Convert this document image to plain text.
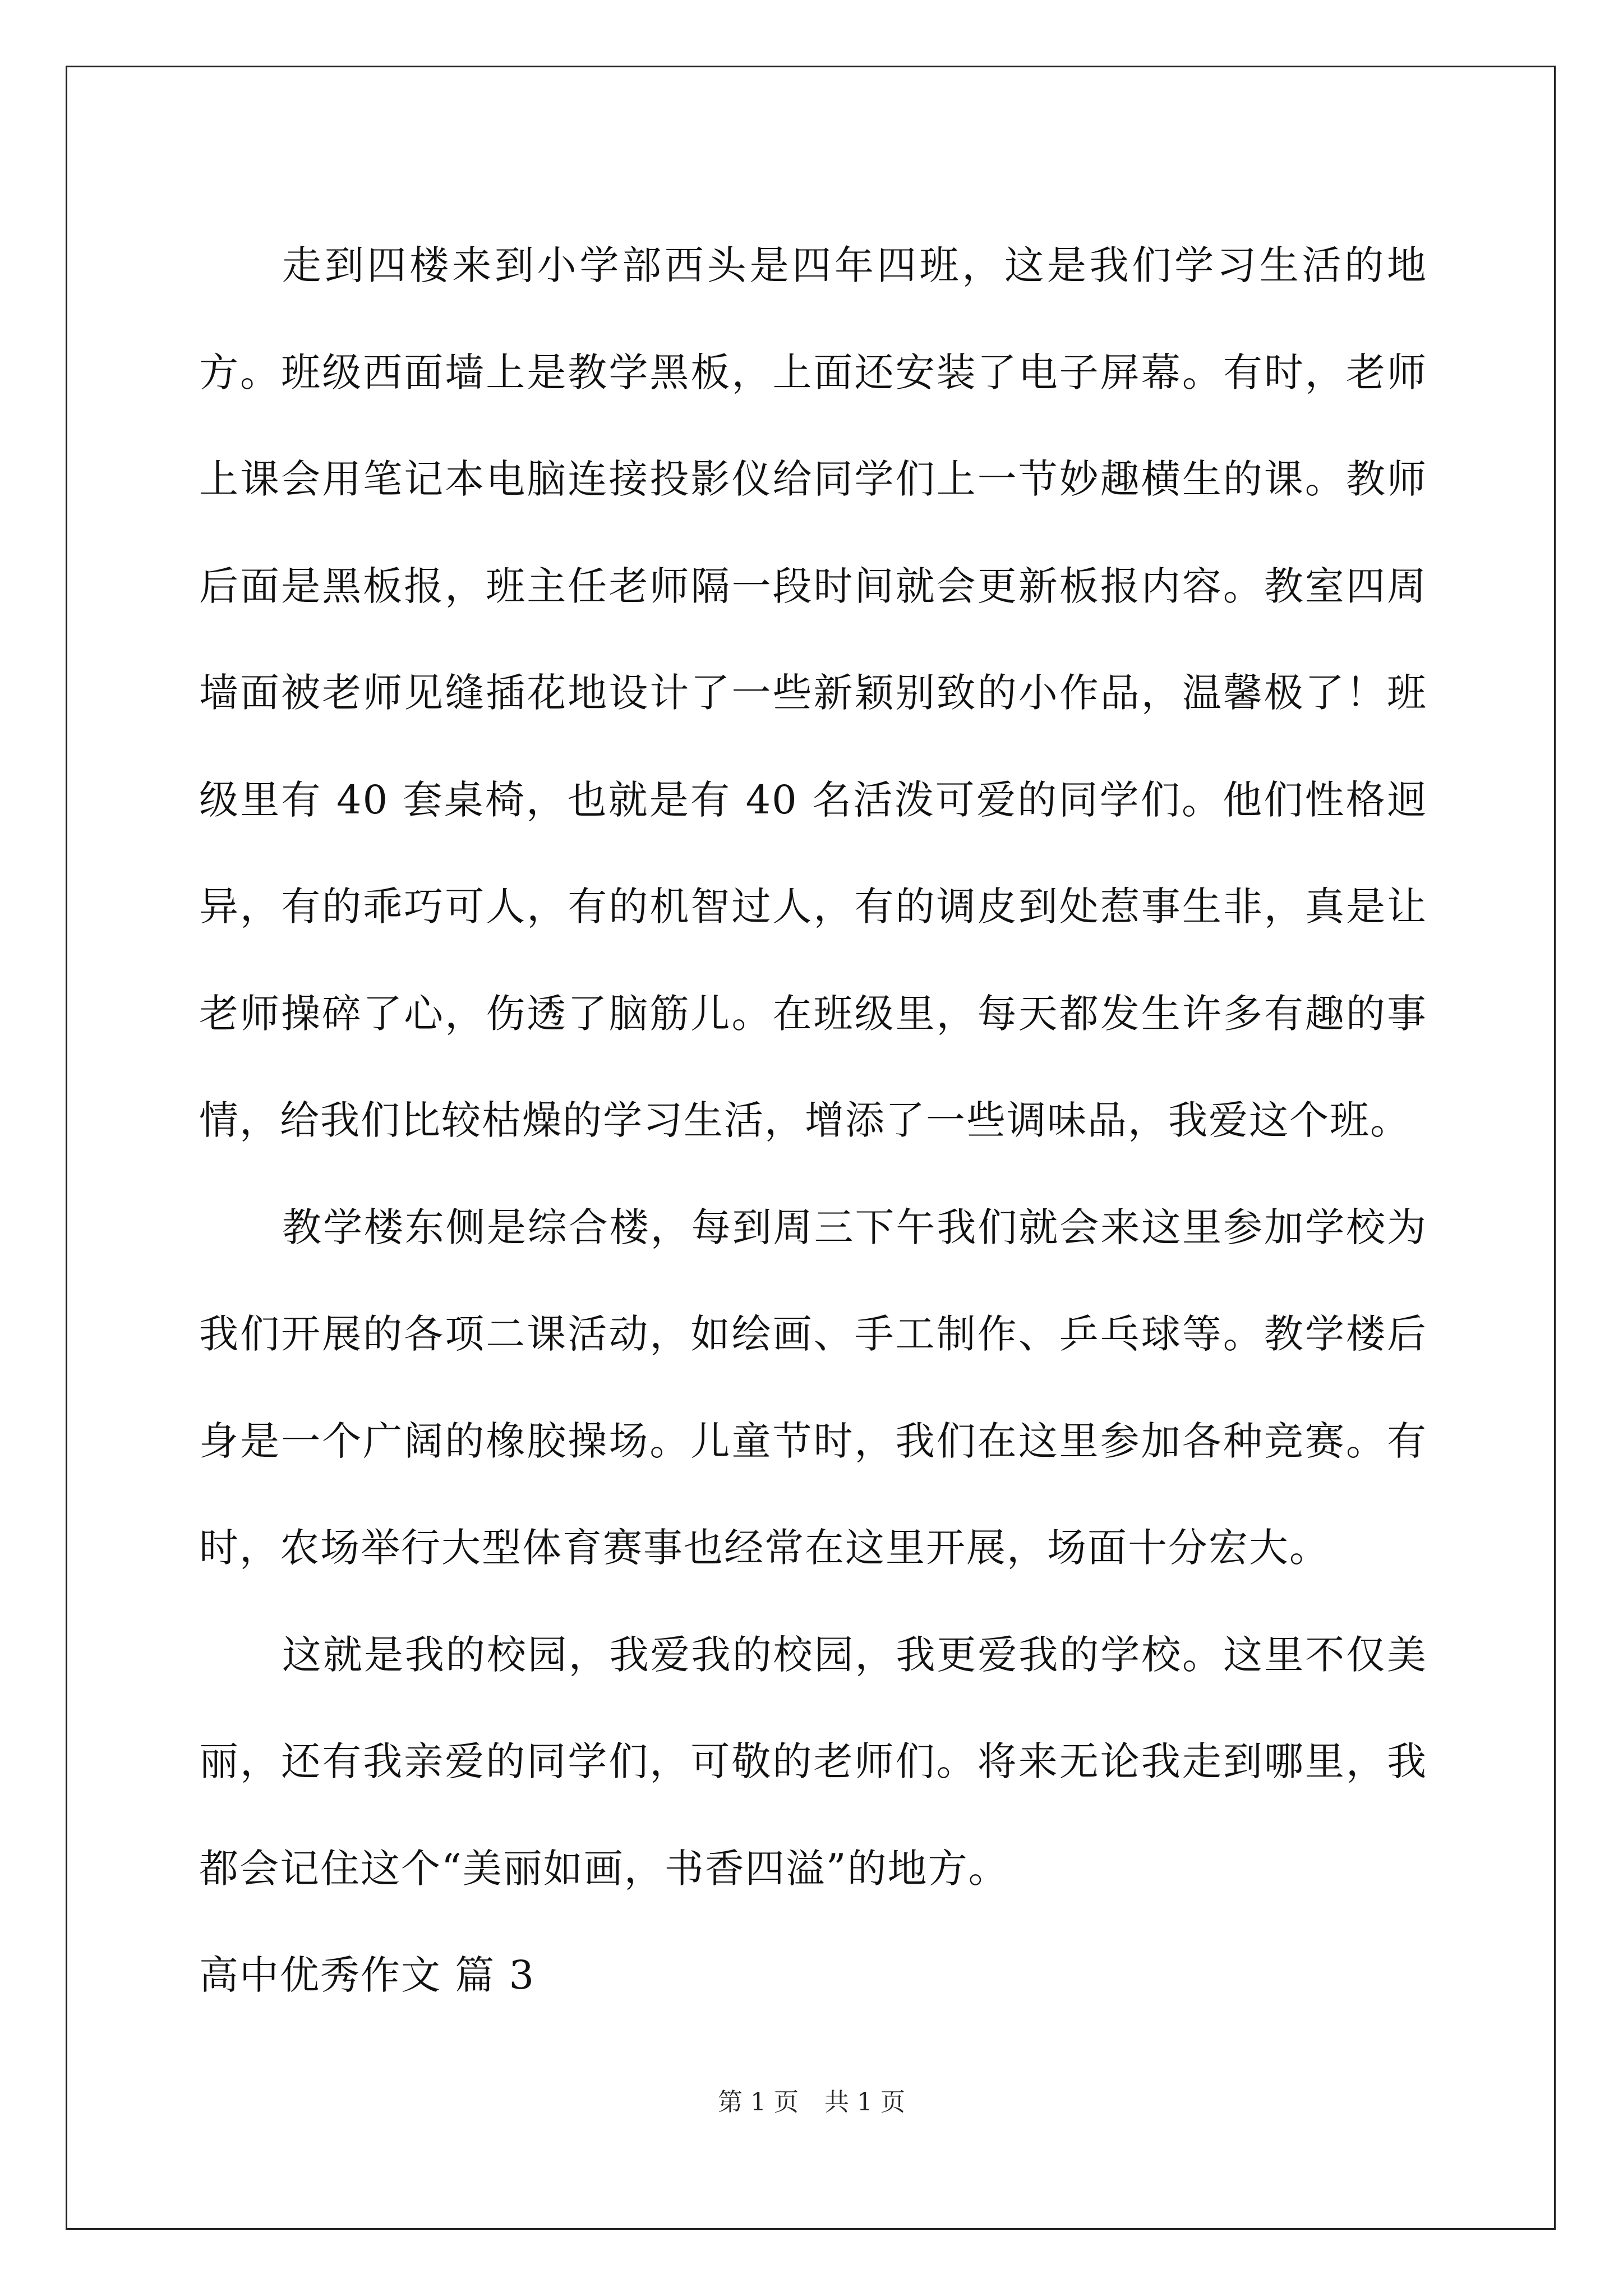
走到四楼来到小学部西头是四年四班，这是我们学习生活的地方。班级西面墙上是教学黑板，上面还安装了电子屏幕。有时，老师上课会用笔记本电脑连接投影仪给同学们上一节妙趣横生的课。教师后面是黑板报，班主任老师隔一段时间就会更新板报内容。教室四周墙面被老师见缝插花地设计了一些新颖别致的小作品，温馨极了！班级里有 40 套桌椅，也就是有 40 名活泼可爱的同学们。他们性格迥异，有的乖巧可人，有的机智过人，有的调皮到处惹事生非，真是让老师操碎了心，伤透了脑筋儿。在班级里，每天都发生许多有趣的事情，给我们比较枯燥的学习生活，增添了一些调味品，我爱这个班。

教学楼东侧是综合楼，每到周三下午我们就会来这里参加学校为我们开展的各项二课活动，如绘画、手工制作、乒乓球等。教学楼后身是一个广阔的橡胶操场。儿童节时，我们在这里参加各种竞赛。有时，农场举行大型体育赛事也经常在这里开展，场面十分宏大。

这就是我的校园，我爱我的校园，我更爱我的学校。这里不仅美丽，还有我亲爱的同学们，可敬的老师们。将来无论我走到哪里，我都会记住这个“美丽如画，书香四溢”的地方。

高中优秀作文 篇 3

第 1 页 共 1 页
